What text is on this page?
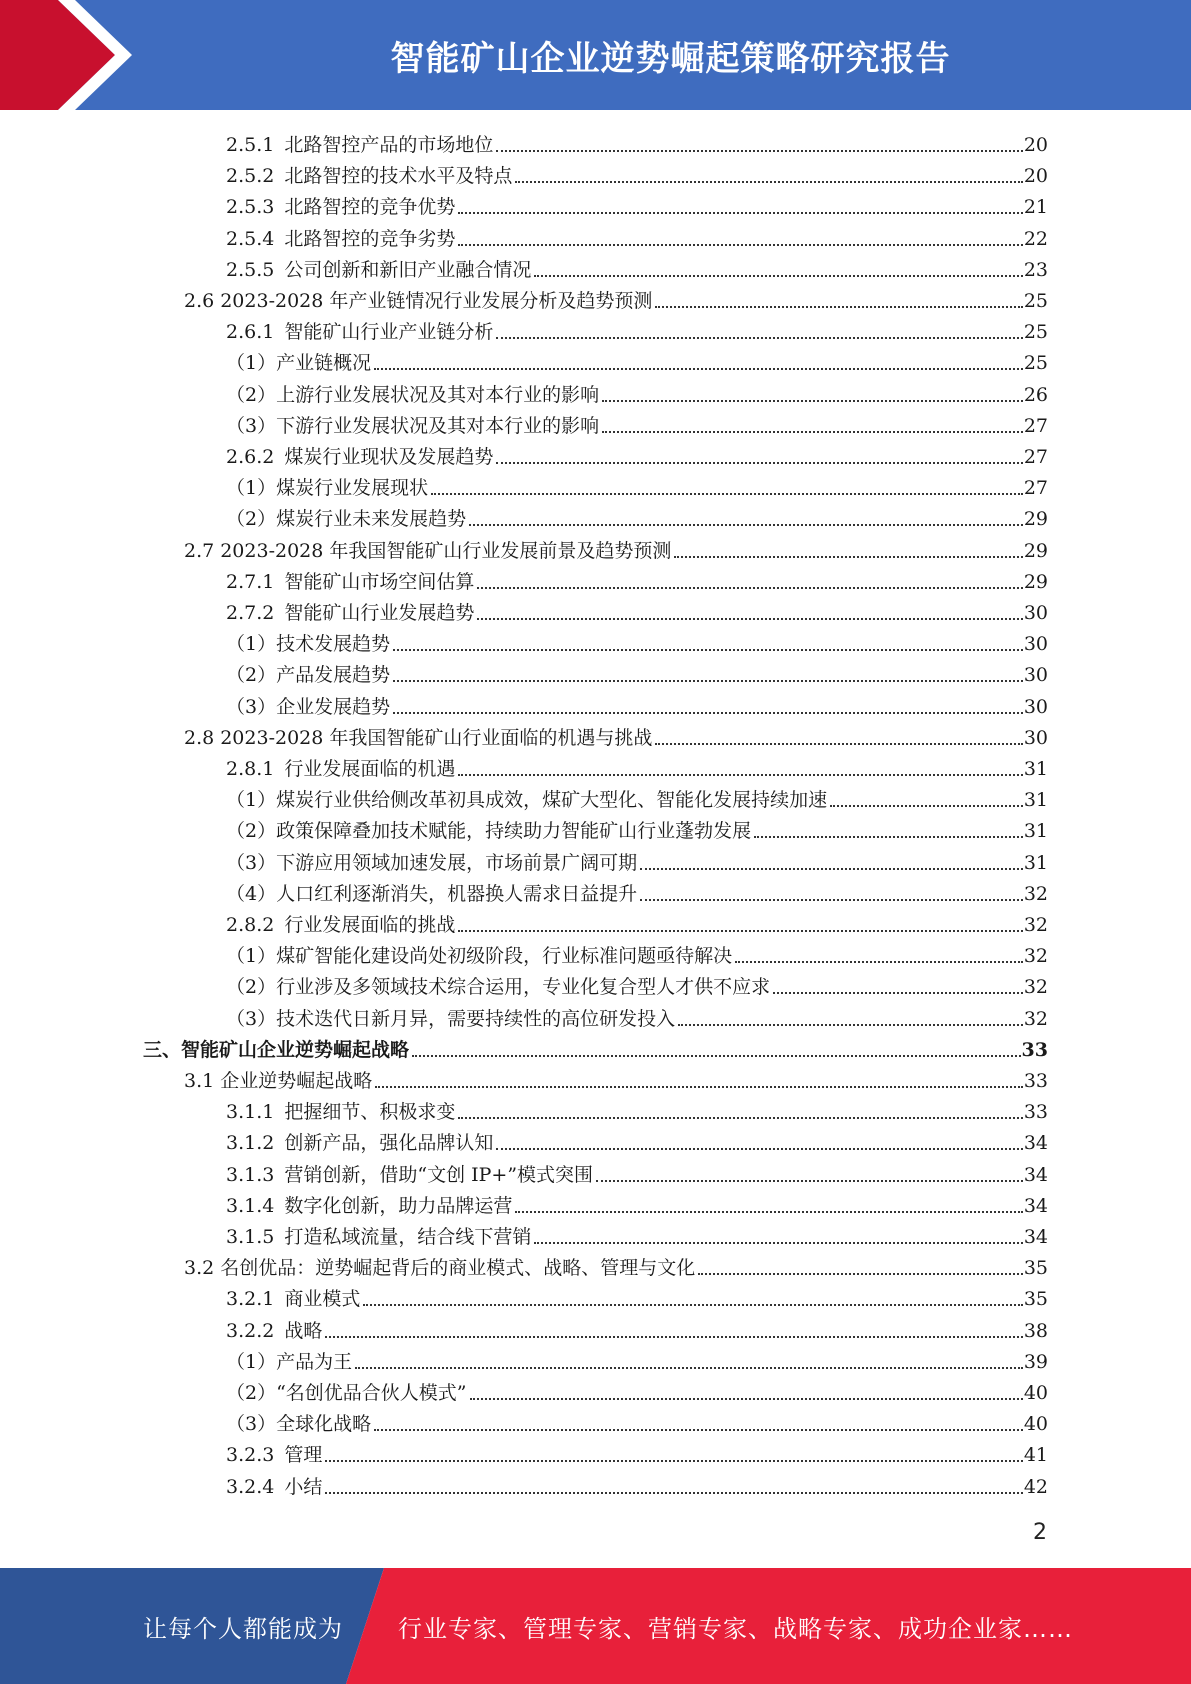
智能矿山企业逆势崛起策略研究报告
2.5.1 北路智控产品的市场地位	20
2.5.2 北路智控的技术水平及特点	20
2.5.3 北路智控的竞争优势	21
2.5.4 北路智控的竞争劣势	22
2.5.5 公司创新和新旧产业融合情况	23
2.6 2023-2028 年产业链情况行业发展分析及趋势预测	25
2.6.1 智能矿山行业产业链分析	25
（1） 产业链概况	25
（2） 上游行业发展状况及其对本行业的影响	26
（3） 下游行业发展状况及其对本行业的影响	27
2.6.2 煤炭行业现状及发展趋势	27
（1） 煤炭行业发展现状	27
（2） 煤炭行业未来发展趋势	29
2.7 2023-2028 年我国智能矿山行业发展前景及趋势预测	29
2.7.1 智能矿山市场空间估算	29
2.7.2 智能矿山行业发展趋势	30
（1） 技术发展趋势	30
（2） 产品发展趋势	30
（3） 企业发展趋势	30
2.8 2023-2028 年我国智能矿山行业面临的机遇与挑战	30
2.8.1 行业发展面临的机遇	31
（1） 煤炭行业供给侧改革初具成效，煤矿大型化、智能化发展持续加速	31
（2） 政策保障叠加技术赋能，持续助力智能矿山行业蓬勃发展	31
（3） 下游应用领域加速发展，市场前景广阔可期	31
（4） 人口红利逐渐消失，机器换人需求日益提升	32
2.8.2 行业发展面临的挑战	32
（1） 煤矿智能化建设尚处初级阶段，行业标准问题亟待解决	32
（2） 行业涉及多领域技术综合运用，专业化复合型人才供不应求	32
（3） 技术迭代日新月异，需要持续性的高位研发投入	32
三、 智能矿山企业逆势崛起战略	33
3.1 企业逆势崛起战略	33
3.1.1 把握细节、积极求变	33
3.1.2 创新产品，强化品牌认知	34
3.1.3 营销创新，借助“文创 IP+”模式突围	34
3.1.4 数字化创新，助力品牌运营	34
3.1.5 打造私域流量，结合线下营销	34
3.2 名创优品：逆势崛起背后的商业模式、战略、管理与文化	35
3.2.1 商业模式	35
3.2.2 战略	38
（1） 产品为王	39
（2） “名创优品合伙人模式”	40
（3） 全球化战略	40
3.2.3 管理	41
3.2.4 小结	42
2
让每个人都能成为 行业专家、管理专家、营销专家、战略专家、成功企业家……
